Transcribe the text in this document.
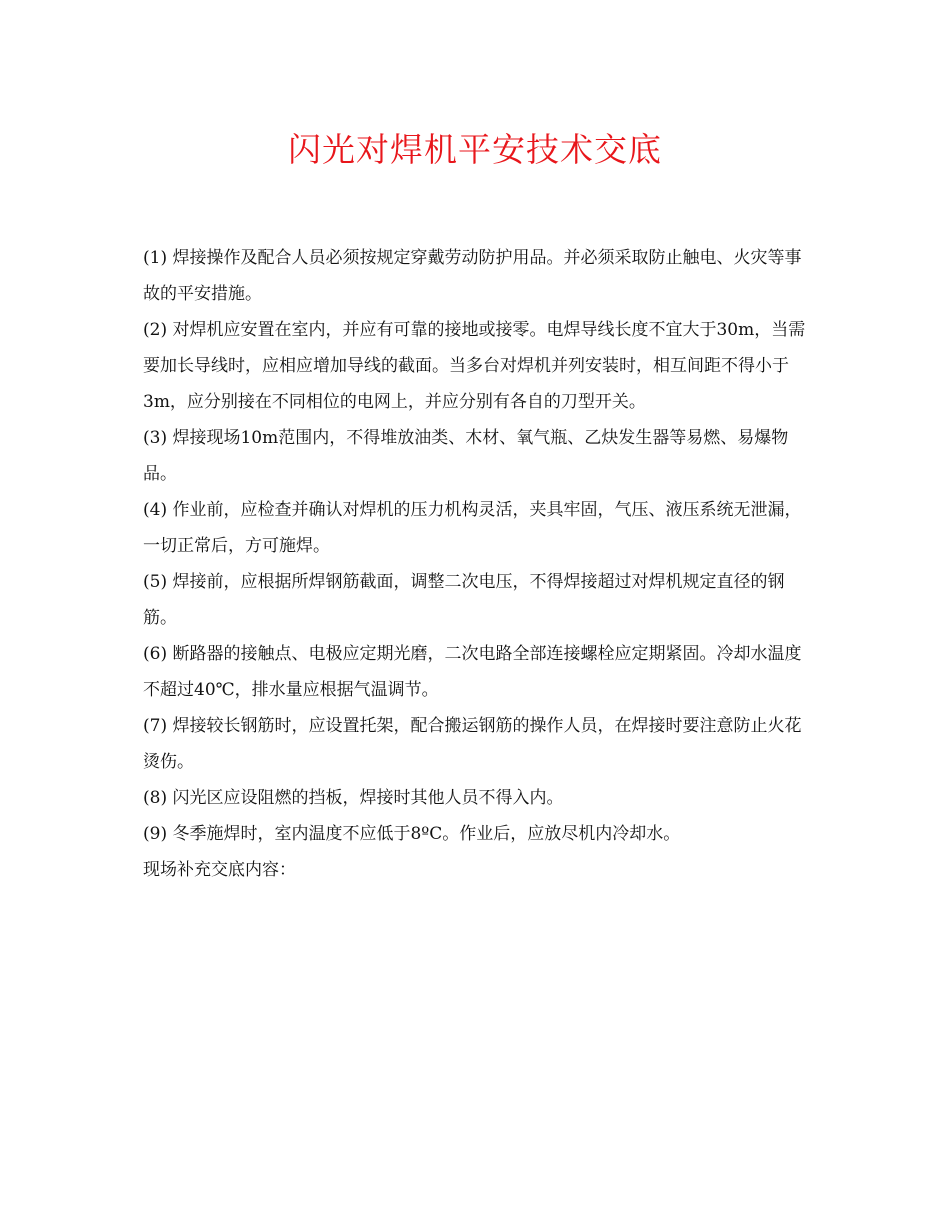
闪光对焊机平安技术交底

(1) 焊接操作及配合人员必须按规定穿戴劳动防护用品。并必须采取防止触电、火灾等事故的平安措施。

(2) 对焊机应安置在室内，并应有可靠的接地或接零。电焊导线长度不宜大于30m，当需要加长导线时，应相应增加导线的截面。当多台对焊机并列安装时，相互间距不得小于3m，应分别接在不同相位的电网上，并应分别有各自的刀型开关。

(3) 焊接现场10m范围内，不得堆放油类、木材、氧气瓶、乙炔发生器等易燃、易爆物品。

(4) 作业前，应检查并确认对焊机的压力机构灵活，夹具牢固，气压、液压系统无泄漏，一切正常后，方可施焊。

(5) 焊接前，应根据所焊钢筋截面，调整二次电压，不得焊接超过对焊机规定直径的钢筋。

(6) 断路器的接触点、电极应定期光磨，二次电路全部连接螺栓应定期紧固。冷却水温度不超过40℃，排水量应根据气温调节。

(7) 焊接较长钢筋时，应设置托架，配合搬运钢筋的操作人员，在焊接时要注意防止火花烫伤。

(8) 闪光区应设阻燃的挡板，焊接时其他人员不得入内。

(9) 冬季施焊时，室内温度不应低于8ºC。作业后，应放尽机内冷却水。

现场补充交底内容：
